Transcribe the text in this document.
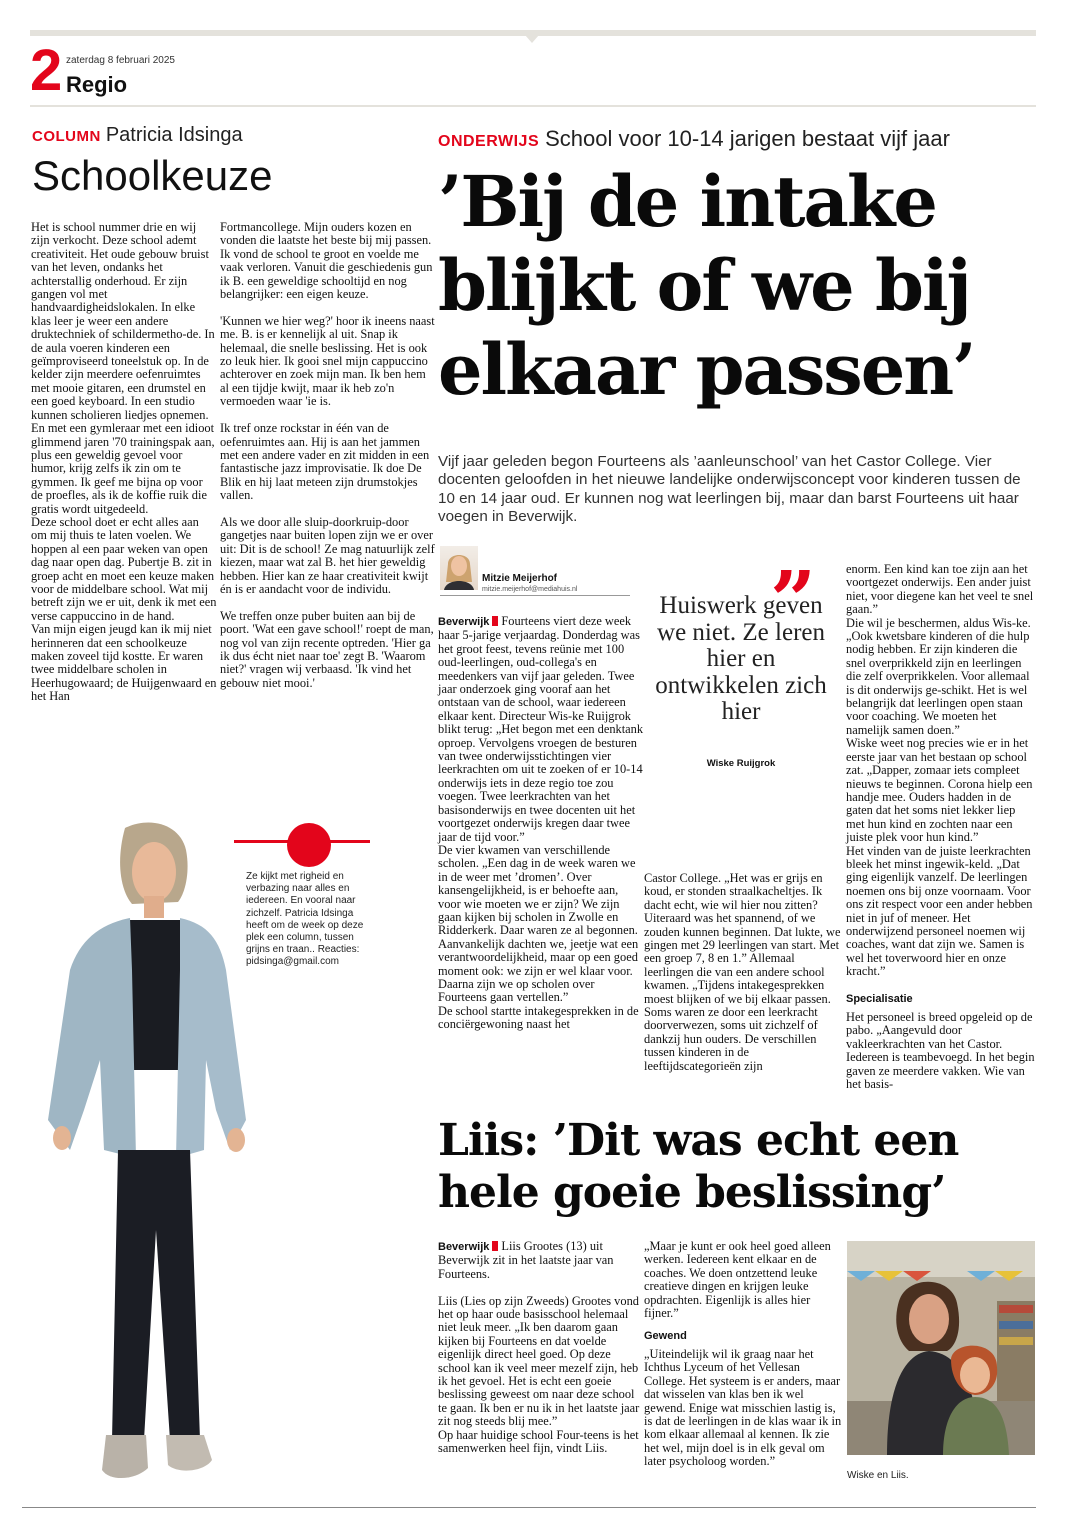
2 zaterdag 8 februari 2025
Regio
COLUMN Patricia Idsinga
Schoolkeuze
Het is school nummer drie en wij zijn verkocht. Deze school ademt creativiteit. Het oude gebouw bruist van het leven, ondanks het achterstallig onderhoud. Er zijn gangen vol met handvaardigheidslokalen. In elke klas leer je weer een andere druktechniek of schildermetho-de. In de aula voeren kinderen een geïmproviseerd toneelstuk op. In de kelder zijn meerdere oefenruimtes met mooie gitaren, een drumstel en een goed keyboard. In een studio kunnen scholieren liedjes opnemen. En met een gymleraar met een idioot glimmend jaren '70 trainingspak aan, plus een geweldig gevoel voor humor, krijg zelfs ik zin om te gymmen. Ik geef me bijna op voor de proefles, als ik de koffie ruik die gratis wordt uitgedeeld.
Deze school doet er echt alles aan om mij thuis te laten voelen. We hoppen al een paar weken van open dag naar open dag. Pubertje B. zit in groep acht en moet een keuze maken voor de middelbare school. Wat mij betreft zijn we er uit, denk ik met een verse cappuccino in de hand.
Van mijn eigen jeugd kan ik mij niet herinneren dat een schoolkeuze maken zoveel tijd kostte. Er waren twee middelbare scholen in Heerhugowaard; de Huijgenwaard en het Han
Fortmancollege. Mijn ouders kozen en vonden die laatste het beste bij mij passen. Ik vond de school te groot en voelde me vaak verloren. Vanuit die geschiedenis gun ik B. een geweldige schooltijd en nog belangrijker: een eigen keuze.

'Kunnen we hier weg?' hoor ik ineens naast me. B. is er kennelijk al uit. Snap ik helemaal, die snelle beslissing. Het is ook zo leuk hier. Ik gooi snel mijn cappuccino achterover en zoek mijn man. Ik ben hem al een tijdje kwijt, maar ik heb zo'n vermoeden waar 'ie is.

Ik tref onze rockstar in één van de oefenruimtes aan. Hij is aan het jammen met een andere vader en zit midden in een fantastische jazz improvisatie. Ik doe De Blik en hij laat meteen zijn drumstokjes vallen.

Als we door alle sluip-doorkruip-door gangetjes naar buiten lopen zijn we er over uit: Dit is de school! Ze mag natuurlijk zelf kiezen, maar wat zal B. het hier geweldig hebben. Hier kan ze haar creativiteit kwijt én is er aandacht voor de individu.

We treffen onze puber buiten aan bij de poort. 'Wat een gave school!' roept de man, nog vol van zijn recente optreden. 'Hier ga ik dus écht niet naar toe' zegt B. 'Waarom niet?' vragen wij verbaasd. 'Ik vind het gebouw niet mooi.'
Ze kijkt met righeid en verbazing naar alles en iedereen. En vooral naar zichzelf. Patricia Idsinga heeft om de week op deze plek een column, tussen grijns en traan.. Reacties: pidsinga@gmail.com
ONDERWIJS School voor 10-14 jarigen bestaat vijf jaar
’Bij de intake blijkt of we bij elkaar passen’
Vijf jaar geleden begon Fourteens als ’aanleunschool’ van het Castor College. Vier docenten geloofden in het nieuwe landelijke onderwijsconcept voor kinderen tussen de 10 en 14 jaar oud. Er kunnen nog wat leerlingen bij, maar dan barst Fourteens uit haar voegen in Beverwijk.
Mitzie Meijerhof
mitzie.meijerhof@mediahuis.nl
Beverwijk Fourteens viert deze week haar 5-jarige verjaardag. Donderdag was het groot feest, tevens reünie met 100 oud-leerlingen, oud-collega's en meedenkers van vijf jaar geleden. Twee jaar onderzoek ging vooraf aan het ontstaan van de school, waar iedereen elkaar kent. Directeur Wis-ke Ruijgrok blikt terug: „Het begon met een denktank oproep. Vervolgens vroegen de besturen van twee onderwijsstichtingen vier leerkrachten om uit te zoeken of er 10-14 onderwijs iets in deze regio toe zou voegen. Twee leerkrachten van het basisonderwijs en twee docenten uit het voortgezet onderwijs kregen daar twee jaar de tijd voor.”
De vier kwamen van verschillende scholen. „Een dag in de week waren we in de weer met ’dromen’. Over kansengelijkheid, is er behoefte aan, voor wie moeten we er zijn? We zijn gaan kijken bij scholen in Zwolle en Ridderkerk. Daar waren ze al begonnen. Aanvankelijk dachten we, jeetje wat een verantwoordelijkheid, maar op een goed moment ook: we zijn er wel klaar voor. Daarna zijn we op scholen over Fourteens gaan vertellen.”
De school startte intakegesprekken in de conciërgewoning naast het
”
Huiswerk geven we niet. Ze leren hier en ontwikkelen zich hier
Wiske Ruijgrok
Castor College. „Het was er grijs en koud, er stonden straalkacheltjes. Ik dacht echt, wie wil hier nou zitten? Uiteraard was het spannend, of we zouden kunnen beginnen. Dat lukte, we gingen met 29 leerlingen van start. Met een groep 7, 8 en 1.” Allemaal leerlingen die van een andere school kwamen. „Tijdens intakegesprekken moest blijken of we bij elkaar passen. Soms waren ze door een leerkracht doorverwezen, soms uit zichzelf of dankzij hun ouders. De verschillen tussen kinderen in de leeftijdscategorieën zijn
enorm. Een kind kan toe zijn aan het voortgezet onderwijs. Een ander juist niet, voor diegene kan het veel te snel gaan.”
Die wil je beschermen, aldus Wis-ke. „Ook kwetsbare kinderen of die hulp nodig hebben. Er zijn kinderen die snel overprikkeld zijn en leerlingen die zelf overprikkelen. Voor allemaal is dit onderwijs ge-schikt. Het is wel belangrijk dat leerlingen open staan voor coaching. We moeten het namelijk samen doen.”
Wiske weet nog precies wie er in het eerste jaar van het bestaan op school zat. „Dapper, zomaar iets compleet nieuws te beginnen. Corona hielp een handje mee. Ouders hadden in de gaten dat het soms niet lekker liep met hun kind en zochten naar een juiste plek voor hun kind.”
Het vinden van de juiste leerkrachten bleek het minst ingewik-keld. „Dat ging eigenlijk vanzelf. De leerlingen noemen ons bij onze voornaam. Voor ons zit respect voor een ander hebben niet in juf of meneer. Het onderwijzend personeel noemen wij coaches, want dat zijn we. Samen is wel het toverwoord hier en onze kracht.”
Specialisatie
Het personeel is breed opgeleid op de pabo. „Aangevuld door vakleerkrachten van het Castor. Iedereen is teambevoegd. In het begin gaven ze meerdere vakken. Wie van het basis-
Liis: ’Dit was echt een hele goeie beslissing’
Beverwijk Liis Grootes (13) uit Beverwijk zit in het laatste jaar van Fourteens.

Liis (Lies op zijn Zweeds) Grootes vond het op haar oude basisschool helemaal niet leuk meer. „Ik ben daarom gaan kijken bij Fourteens en dat voelde eigenlijk direct heel goed. Op deze school kan ik veel meer mezelf zijn, heb ik het gevoel. Het is echt een goeie beslissing geweest om naar deze school te gaan. Ik ben er nu ik in het laatste jaar zit nog steeds blij mee.”
Op haar huidige school Four-teens is het samenwerken heel fijn, vindt Liis.
„Maar je kunt er ook heel goed alleen werken. Iedereen kent elkaar en de coaches. We doen ontzettend leuke creatieve dingen en krijgen leuke opdrachten. Eigenlijk is alles hier fijner.”
Gewend
„Uiteindelijk wil ik graag naar het Ichthus Lyceum of het Vellesan College. Het systeem is er anders, maar dat wisselen van klas ben ik wel gewend. Enige wat misschien lastig is, is dat de leerlingen in de klas waar ik in kom elkaar allemaal al kennen. Ik zie het wel, mijn doel is in elk geval om later psycholoog worden.”
Wiske en Liis.
